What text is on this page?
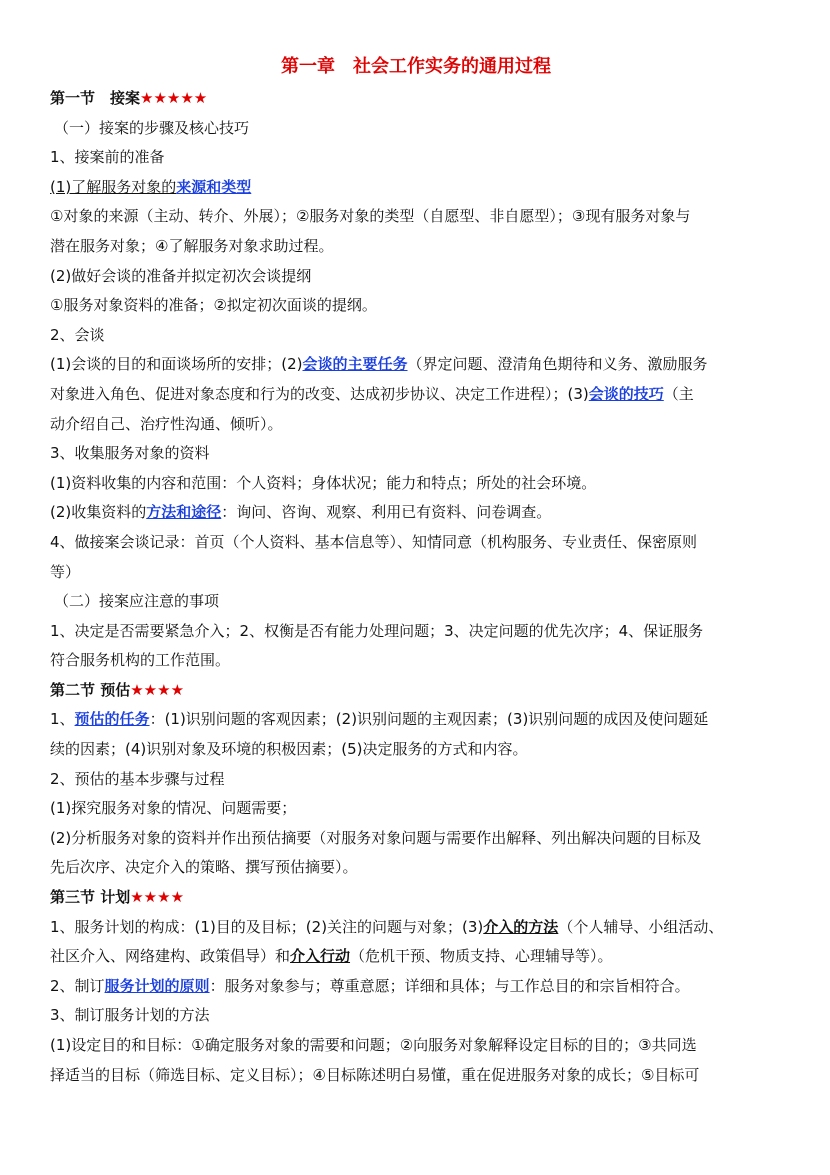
第一章　社会工作实务的通用过程

第一节　接案★★★★★

（一）接案的步骤及核心技巧

1、接案前的准备

(1)了解服务对象的来源和类型

①对象的来源（主动、转介、外展）；②服务对象的类型（自愿型、非自愿型）；③现有服务对象与

潜在服务对象；④了解服务对象求助过程。

(2)做好会谈的准备并拟定初次会谈提纲

①服务对象资料的准备；②拟定初次面谈的提纲。

2、会谈

(1)会谈的目的和面谈场所的安排；(2)会谈的主要任务（界定问题、澄清角色期待和义务、激励服务

对象进入角色、促进对象态度和行为的改变、达成初步协议、决定工作进程）；(3)会谈的技巧（主

动介绍自己、治疗性沟通、倾听）。

3、收集服务对象的资料

(1)资料收集的内容和范围：个人资料；身体状况；能力和特点；所处的社会环境。

(2)收集资料的方法和途径：询问、咨询、观察、利用已有资料、问卷调查。

4、做接案会谈记录：首页（个人资料、基本信息等）、知情同意（机构服务、专业责任、保密原则

等）

（二）接案应注意的事项

1、决定是否需要紧急介入；2、权衡是否有能力处理问题；3、决定问题的优先次序；4、保证服务

符合服务机构的工作范围。

第二节 预估★★★★

1、预估的任务：(1)识别问题的客观因素；(2)识别问题的主观因素；(3)识别问题的成因及使问题延

续的因素；(4)识别对象及环境的积极因素；(5)决定服务的方式和内容。

2、预估的基本步骤与过程

(1)探究服务对象的情况、问题需要；

(2)分析服务对象的资料并作出预估摘要（对服务对象问题与需要作出解释、列出解决问题的目标及

先后次序、决定介入的策略、撰写预估摘要）。

第三节 计划★★★★

1、服务计划的构成：(1)目的及目标；(2)关注的问题与对象；(3)介入的方法（个人辅导、小组活动、

社区介入、网络建构、政策倡导）和介入行动（危机干预、物质支持、心理辅导等）。

2、制订服务计划的原则：服务对象参与；尊重意愿；详细和具体；与工作总目的和宗旨相符合。

3、制订服务计划的方法

(1)设定目的和目标：①确定服务对象的需要和问题；②向服务对象解释设定目标的目的；③共同选

择适当的目标（筛选目标、定义目标）；④目标陈述明白易懂，重在促进服务对象的成长；⑤目标可
